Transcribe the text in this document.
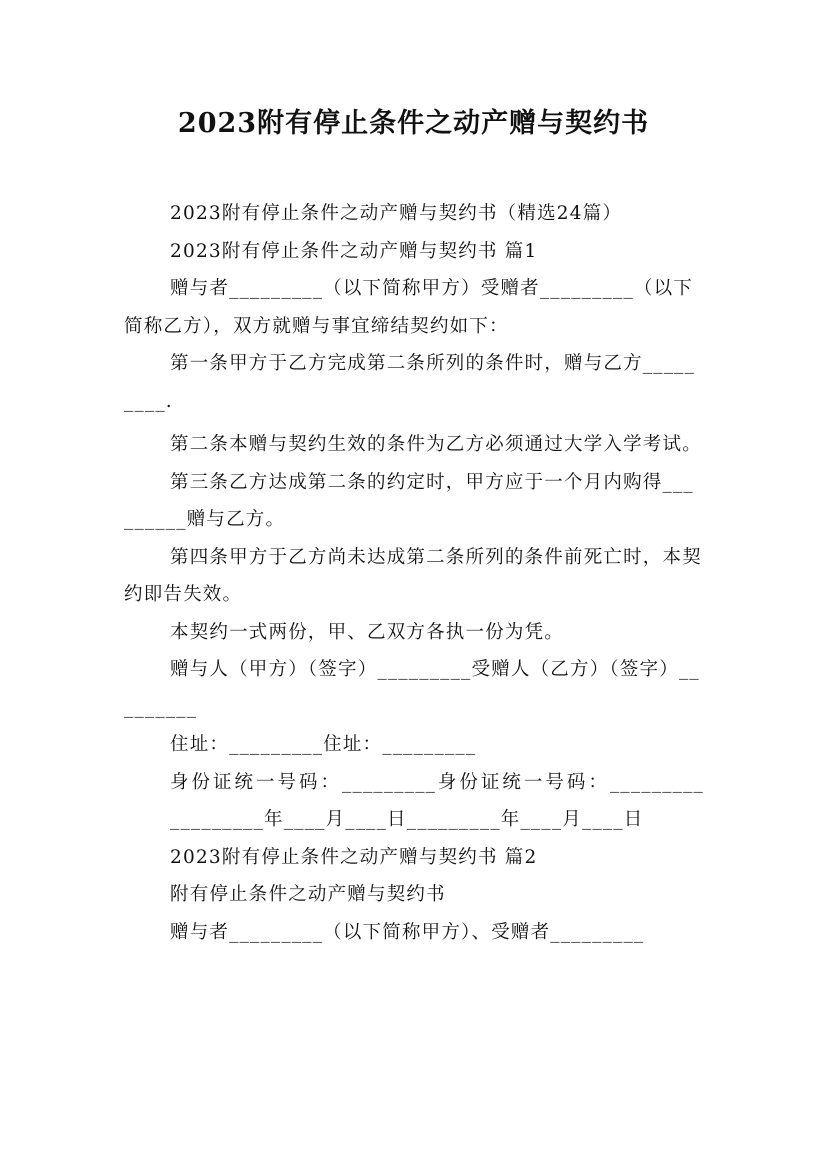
2023附有停止条件之动产赠与契约书

2023附有停止条件之动产赠与契约书（精选24篇）

2023附有停止条件之动产赠与契约书 篇1

赠与者_________（以下简称甲方）受赠者_________（以下简称乙方），双方就赠与事宜缔结契约如下：

第一条甲方于乙方完成第二条所列的条件时，赠与乙方_________.

第二条本赠与契约生效的条件为乙方必须通过大学入学考试。

第三条乙方达成第二条的约定时，甲方应于一个月内购得_________赠与乙方。

第四条甲方于乙方尚未达成第二条所列的条件前死亡时，本契约即告失效。

本契约一式两份，甲、乙双方各执一份为凭。

赠与人（甲方）（签字）_________受赠人（乙方）（签字）_________

住址：_________住址：_________

身份证统一号码：_________身份证统一号码：_________

_________年____月____日_________年____月____日

2023附有停止条件之动产赠与契约书 篇2

附有停止条件之动产赠与契约书

赠与者_________（以下简称甲方）、受赠者_________
